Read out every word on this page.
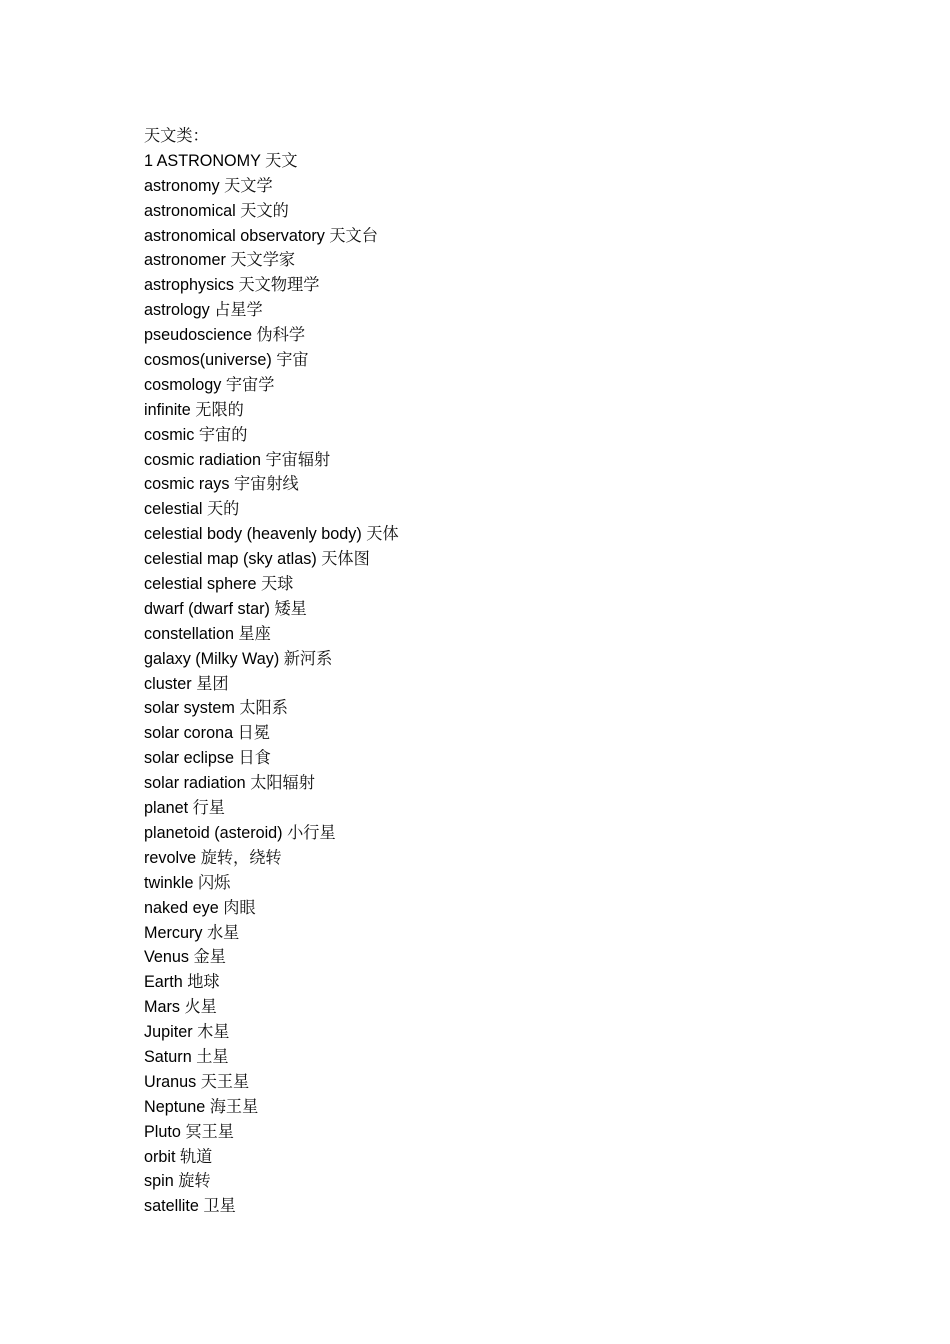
天文类：
1 ASTRONOMY 天文
astronomy 天文学
astronomical 天文的
astronomical observatory 天文台
astronomer 天文学家
astrophysics 天文物理学
astrology 占星学
pseudoscience 伪科学
cosmos(universe) 宇宙
cosmology 宇宙学
infinite 无限的
cosmic 宇宙的
cosmic radiation 宇宙辐射
cosmic rays 宇宙射线
celestial 天的
celestial body (heavenly body) 天体
celestial map (sky atlas) 天体图
celestial sphere 天球
dwarf (dwarf star) 矮星
constellation 星座
galaxy (Milky Way) 新河系
cluster 星团
solar system 太阳系
solar corona 日冕
solar eclipse 日食
solar radiation 太阳辐射
planet 行星
planetoid (asteroid) 小行星
revolve 旋转，绕转
twinkle 闪烁
naked eye 肉眼
Mercury 水星
Venus 金星
Earth 地球
Mars 火星
Jupiter 木星
Saturn 土星
Uranus 天王星
Neptune 海王星
Pluto 冥王星
orbit 轨道
spin 旋转
satellite 卫星
